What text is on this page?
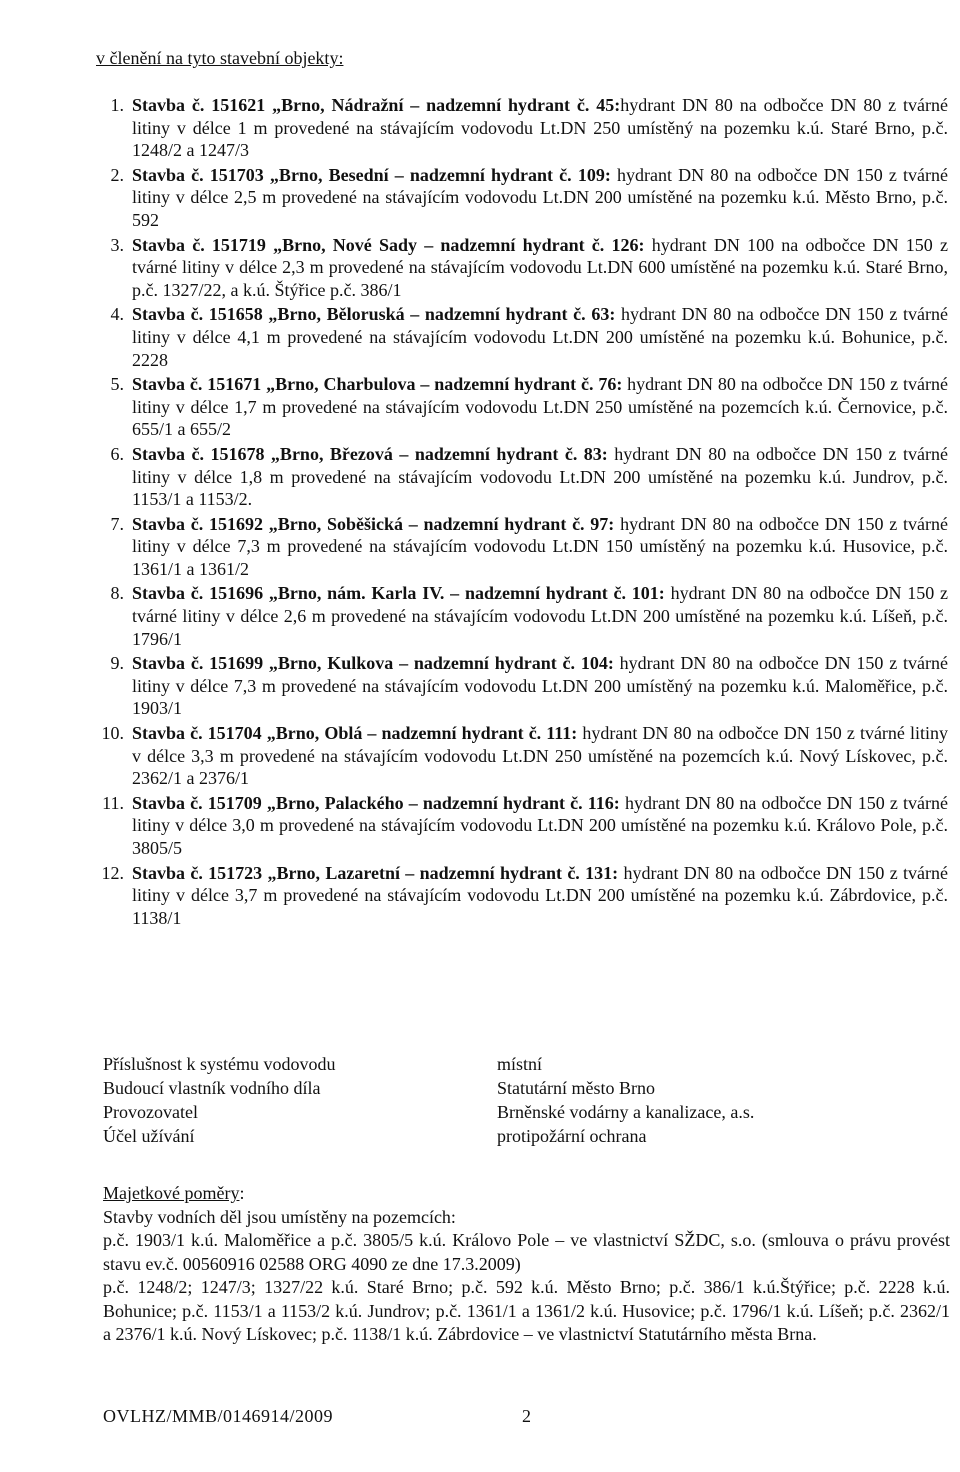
v členění na tyto stavební objekty:
1. Stavba č. 151621 „Brno, Nádražní – nadzemní hydrant č. 45:hydrant DN 80 na odbočce DN 80 z tvárné litiny v délce 1 m provedené na stávajícím vodovodu Lt.DN 250 umístěný na pozemku k.ú. Staré Brno, p.č. 1248/2 a 1247/3
2. Stavba č. 151703 „Brno, Besední – nadzemní hydrant č. 109: hydrant DN 80 na odbočce DN 150 z tvárné litiny v délce 2,5 m provedené na stávajícím vodovodu Lt.DN 200 umístěné na pozemku k.ú. Město Brno, p.č. 592
3. Stavba č. 151719 „Brno, Nové Sady – nadzemní hydrant č. 126: hydrant DN 100 na odbočce DN 150 z tvárné litiny v délce 2,3 m provedené na stávajícím vodovodu Lt.DN 600 umístěné na pozemku k.ú. Staré Brno, p.č. 1327/22, a k.ú. Štýřice p.č. 386/1
4. Stavba č. 151658 „Brno, Běloruská – nadzemní hydrant č. 63: hydrant DN 80 na odbočce DN 150 z tvárné litiny v délce 4,1 m provedené na stávajícím vodovodu Lt.DN 200 umístěné na pozemku k.ú. Bohunice, p.č. 2228
5. Stavba č. 151671 „Brno, Charbulova – nadzemní hydrant č. 76: hydrant DN 80 na odbočce DN 150 z tvárné litiny v délce 1,7 m provedené na stávajícím vodovodu Lt.DN 250 umístěné na pozemcích k.ú. Černovice, p.č. 655/1 a 655/2
6. Stavba č. 151678 „Brno, Březová – nadzemní hydrant č. 83: hydrant DN 80 na odbočce DN 150 z tvárné litiny v délce 1,8 m provedené na stávajícím vodovodu Lt.DN 200 umístěné na pozemku k.ú. Jundrov, p.č. 1153/1 a 1153/2.
7. Stavba č. 151692 „Brno, Soběšická – nadzemní hydrant č. 97: hydrant DN 80 na odbočce DN 150 z tvárné litiny v délce 7,3 m provedené na stávajícím vodovodu Lt.DN 150 umístěný na pozemku k.ú. Husovice, p.č. 1361/1 a 1361/2
8. Stavba č. 151696 „Brno, nám. Karla IV. – nadzemní hydrant č. 101: hydrant DN 80 na odbočce DN 150 z tvárné litiny v délce 2,6 m provedené na stávajícím vodovodu Lt.DN 200 umístěné na pozemku k.ú. Líšeň, p.č. 1796/1
9. Stavba č. 151699 „Brno, Kulkova – nadzemní hydrant č. 104: hydrant DN 80 na odbočce DN 150 z tvárné litiny v délce 7,3 m provedené na stávajícím vodovodu Lt.DN 200 umístěný na pozemku k.ú. Maloměřice, p.č. 1903/1
10. Stavba č. 151704 „Brno, Oblá – nadzemní hydrant č. 111: hydrant DN 80 na odbočce DN 150 z tvárné litiny v délce 3,3 m provedené na stávajícím vodovodu Lt.DN 250 umístěné na pozemcích k.ú. Nový Lískovec, p.č. 2362/1 a 2376/1
11. Stavba č. 151709 „Brno, Palackého – nadzemní hydrant č. 116: hydrant DN 80 na odbočce DN 150 z tvárné litiny v délce 3,0 m provedené na stávajícím vodovodu Lt.DN 200 umístěné na pozemku k.ú. Královo Pole, p.č. 3805/5
12. Stavba č. 151723 „Brno, Lazaretní – nadzemní hydrant č. 131: hydrant DN 80 na odbočce DN 150 z tvárné litiny v délce 3,7 m provedené na stávajícím vodovodu Lt.DN 200 umístěné na pozemku k.ú. Zábrdovice, p.č. 1138/1
Příslušnost k systému vodovodu	místní
Budoucí vlastník vodního díla	Statutární město Brno
Provozovatel	Brněnské vodárny a kanalizace, a.s.
Účel užívání	protipožární ochrana

Majetkové poměry:

Stavby vodních děl jsou umístěny na pozemcích:

p.č. 1903/1 k.ú. Maloměřice a p.č. 3805/5 k.ú. Královo Pole – ve vlastnictví SŽDC, s.o. (smlouva o právu provést stavu ev.č. 00560916 02588 ORG 4090 ze dne 17.3.2009)

p.č. 1248/2; 1247/3; 1327/22 k.ú. Staré Brno; p.č. 592 k.ú. Město Brno; p.č. 386/1 k.ú.Štýřice; p.č. 2228 k.ú. Bohunice; p.č. 1153/1 a 1153/2 k.ú. Jundrov; p.č. 1361/1 a 1361/2 k.ú. Husovice; p.č. 1796/1 k.ú. Líšeň; p.č. 2362/1 a 2376/1 k.ú. Nový Lískovec; p.č. 1138/1 k.ú. Zábrdovice – ve vlastnictví Statutárního města Brna.

OVLHZ/MMB/0146914/2009	2
